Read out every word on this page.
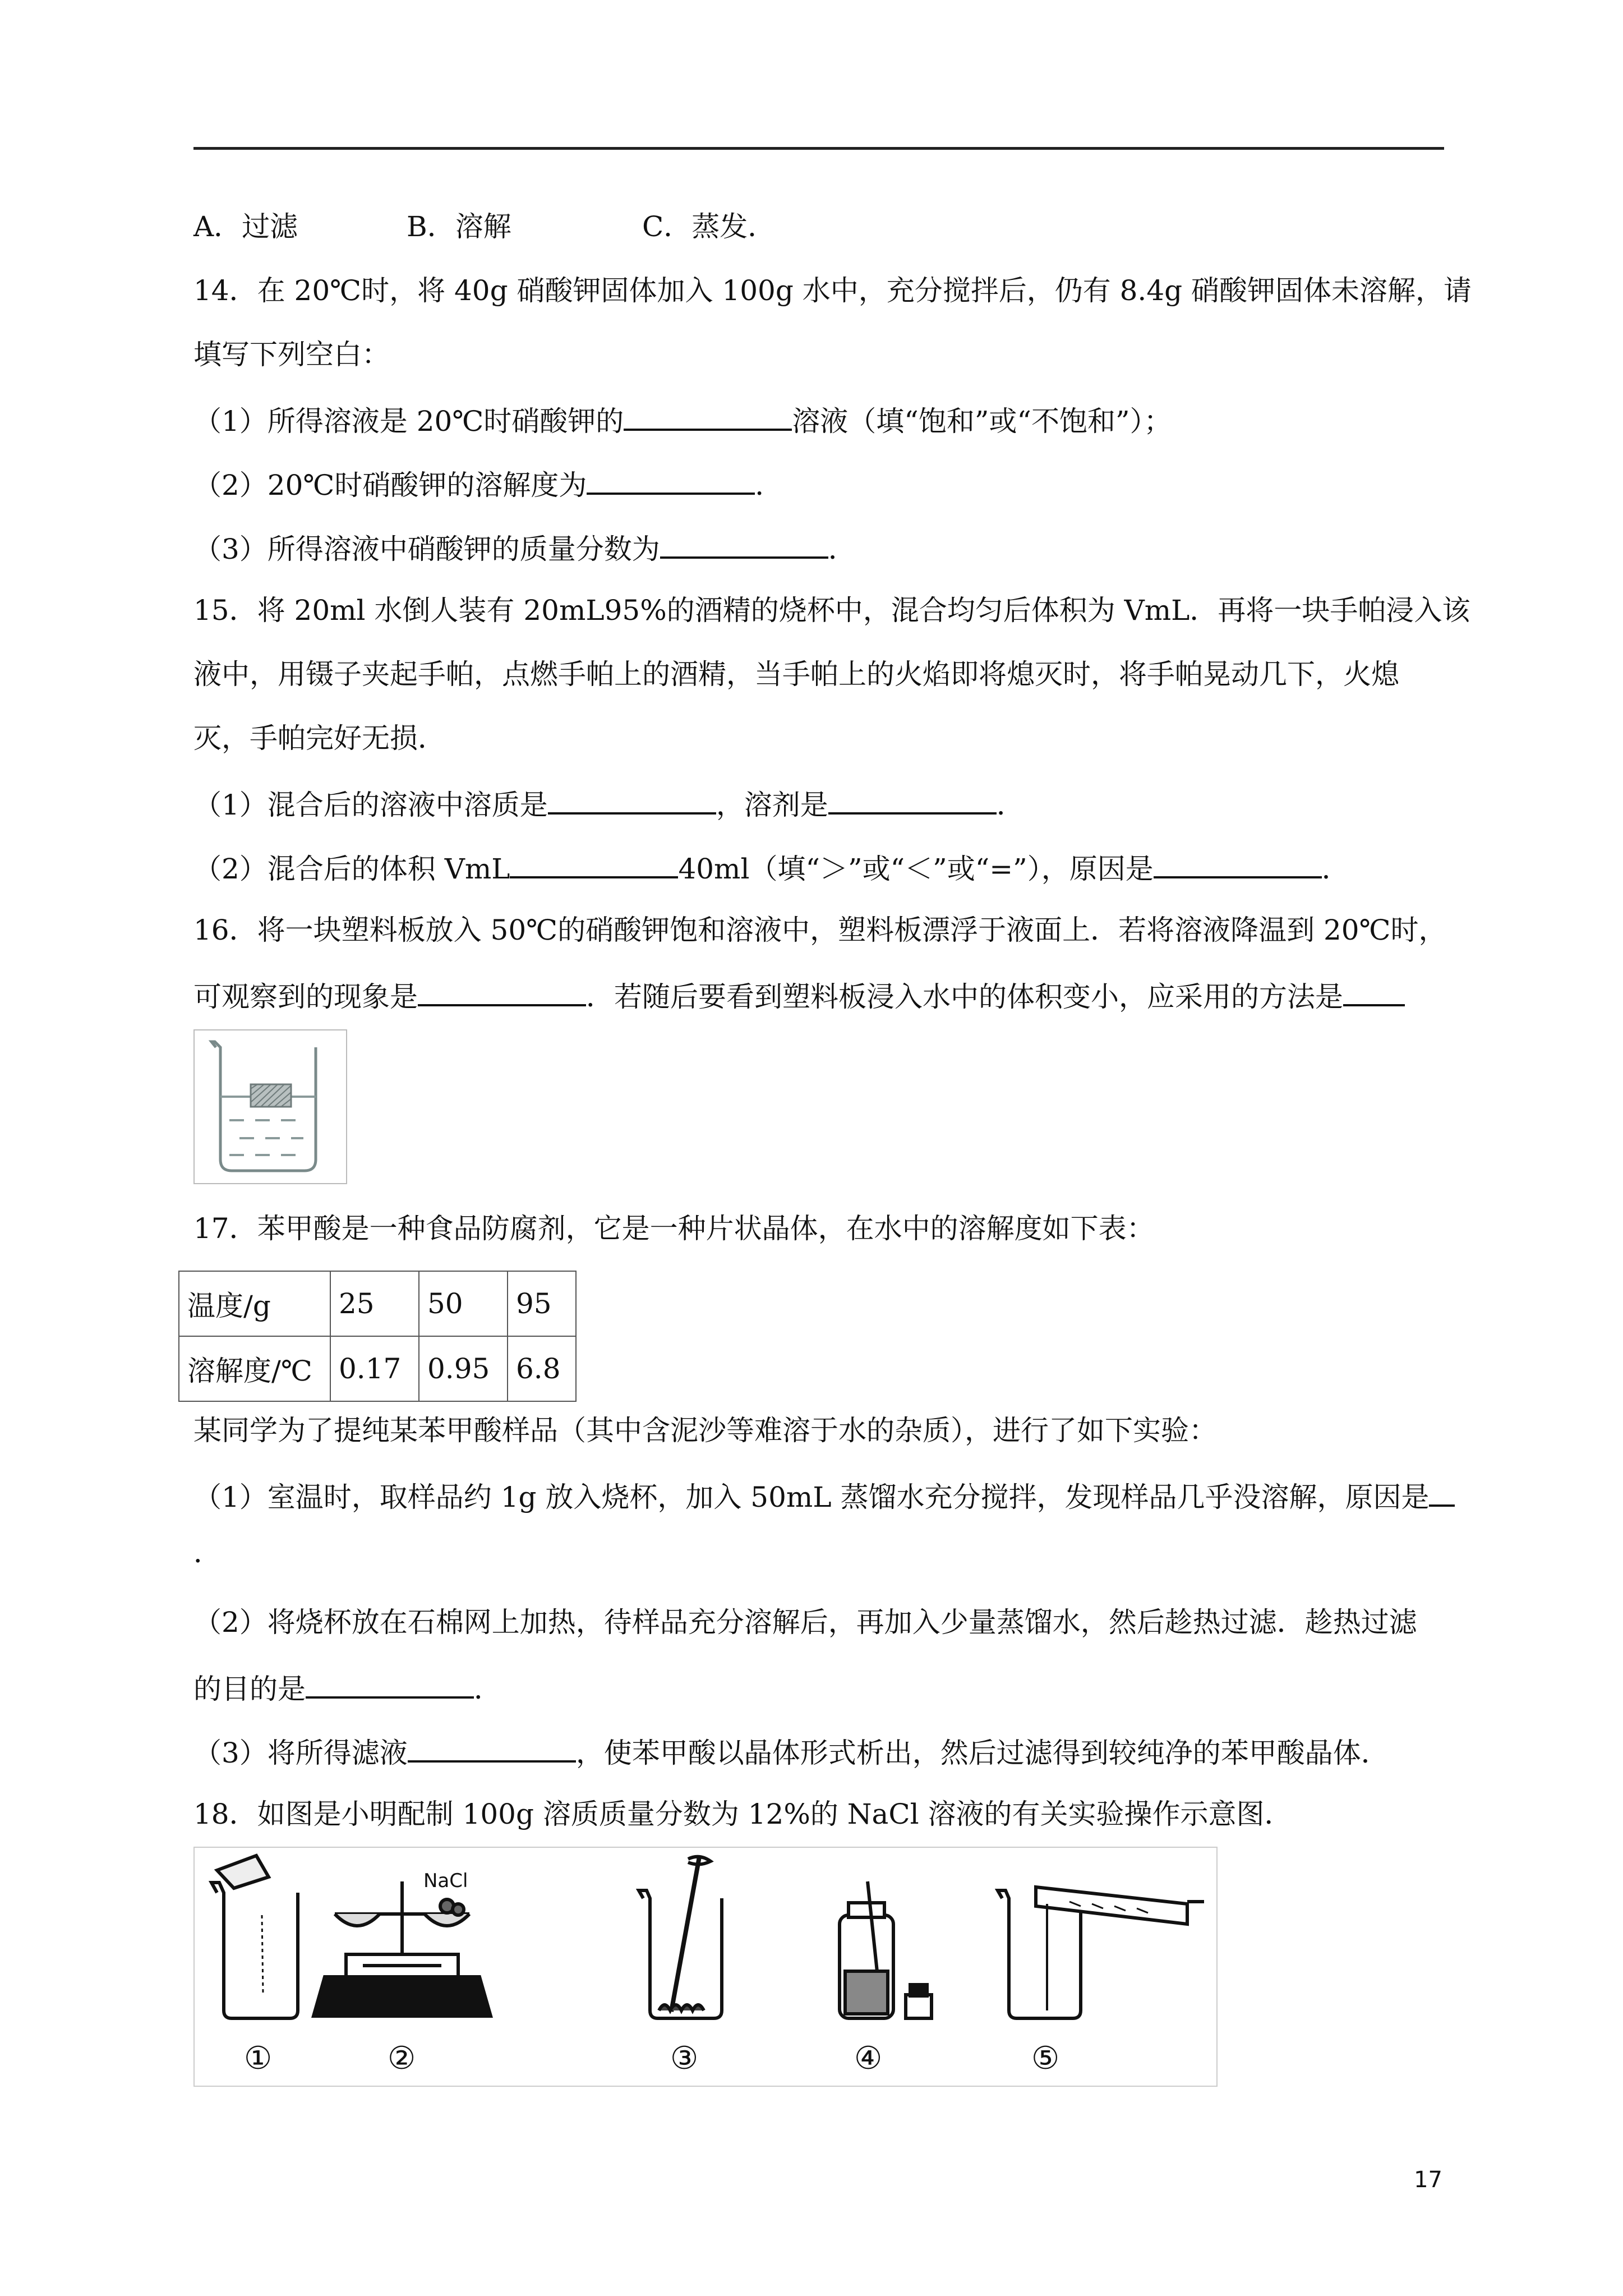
A．过滤	B．溶解	C．蒸发．
14．在 20℃时，将 40g 硝酸钾固体加入 100g 水中，充分搅拌后，仍有 8.4g 硝酸钾固体未溶解，请
填写下列空白：
（1）所得溶液是 20℃时硝酸钾的	溶液（填“饱和”或“不饱和”）；
（2）20℃时硝酸钾的溶解度为	．
（3）所得溶液中硝酸钾的质量分数为	．
15．将 20ml 水倒人装有 20mL95%的酒精的烧杯中，混合均匀后体积为 VmL．再将一块手帕浸入该
液中，用镊子夹起手帕，点燃手帕上的酒精，当手帕上的火焰即将熄灭时，将手帕晃动几下，火熄
灭，手帕完好无损．
（1）混合后的溶液中溶质是	，溶剂是	．
（2）混合后的体积 VmL	40ml（填“＞”或“＜”或“=”），原因是	．
16．将一块塑料板放入 50℃的硝酸钾饱和溶液中，塑料板漂浮于液面上．若将溶液降温到 20℃时，
可观察到的现象是	．若随后要看到塑料板浸入水中的体积变小，应采用的方法是
17．苯甲酸是一种食品防腐剂，它是一种片状晶体，在水中的溶解度如下表：
温度/g	25	50	95
溶解度/℃	0.17	0.95	6.8
某同学为了提纯某苯甲酸样品（其中含泥沙等难溶于水的杂质），进行了如下实验：
（1）室温时，取样品约 1g 放入烧杯，加入 50mL 蒸馏水充分搅拌，发现样品几乎没溶解，原因是
．
（2）将烧杯放在石棉网上加热，待样品充分溶解后，再加入少量蒸馏水，然后趁热过滤．趁热过滤
的目的是	．
（3）将所得滤液	，使苯甲酸以晶体形式析出，然后过滤得到较纯净的苯甲酸晶体．
18．如图是小明配制 100g 溶质质量分数为 12%的 NaCl 溶液的有关实验操作示意图．
NaCl
①	②	③	④	⑤
17
